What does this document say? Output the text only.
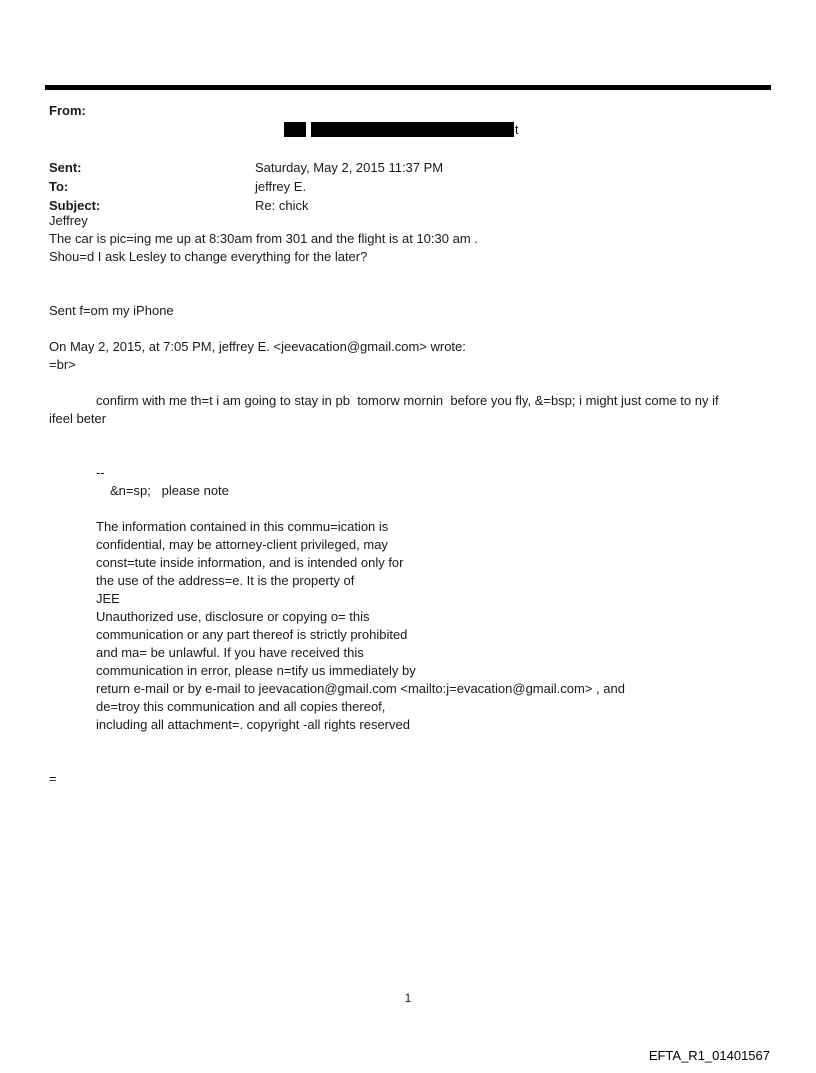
From:

t

Sent:	Saturday, May 2, 2015 11:37 PM
To:	jeffrey E.
Subject:	Re: chick
Jeffrey
The car is pic=ing me up at 8:30am from 301 and the flight is at 10:30 am .
Shou=d I ask Lesley to change everything for the later?
Sent f=om my iPhone
On May 2, 2015, at 7:05 PM, jeffrey E. <jeevacation@gmail.com> wrote:
=br>
confirm with me th=t i am going to stay in pb  tomorw mornin  before you fly, &=bsp; i might just come to ny if
ifeel beter
--
&n=sp;   please note
The information contained in this commu=ication is
confidential, may be attorney-client privileged, may
const=tute inside information, and is intended only for
the use of the address=e. It is the property of
JEE
Unauthorized use, disclosure or copying o= this
communication or any part thereof is strictly prohibited
and ma= be unlawful. If you have received this
communication in error, please n=tify us immediately by
return e-mail or by e-mail to jeevacation@gmail.com <mailto:j=evacation@gmail.com> , and
de=troy this communication and all copies thereof,
including all attachment=. copyright -all rights reserved
=
1
EFTA_R1_01401567
